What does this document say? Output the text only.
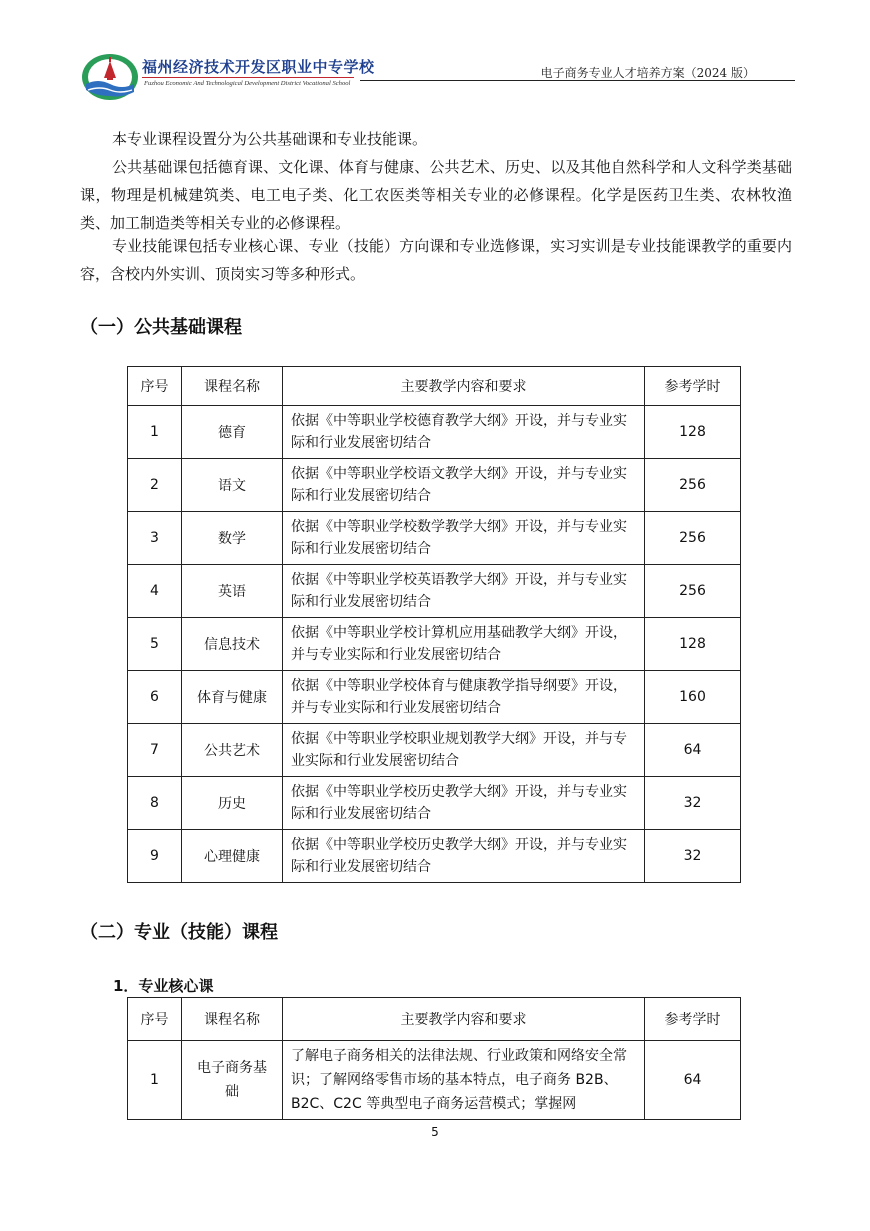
福州经济技术开发区职业中专学校
Fuzhou Economic And Technological Development District Vocational School
电子商务专业人才培养方案（2024 版）

本专业课程设置分为公共基础课和专业技能课。

公共基础课包括德育课、文化课、体育与健康、公共艺术、历史、以及其他自然科学和人文科学类基础课，物理是机械建筑类、电工电子类、化工农医类等相关专业的必修课程。化学是医药卫生类、农林牧渔类、加工制造类等相关专业的必修课程。

专业技能课包括专业核心课、专业（技能）方向课和专业选修课，实习实训是专业技能课教学的重要内容，含校内外实训、顶岗实习等多种形式。

（一）公共基础课程
序号	课程名称	主要教学内容和要求	参考学时
1	德育	依据《中等职业学校德育教学大纲》开设，并与专业实际和行业发展密切结合	128
2	语文	依据《中等职业学校语文教学大纲》开设，并与专业实际和行业发展密切结合	256
3	数学	依据《中等职业学校数学教学大纲》开设，并与专业实际和行业发展密切结合	256
4	英语	依据《中等职业学校英语教学大纲》开设，并与专业实际和行业发展密切结合	256
5	信息技术	依据《中等职业学校计算机应用基础教学大纲》开设，并与专业实际和行业发展密切结合	128
6	体育与健康	依据《中等职业学校体育与健康教学指导纲要》开设，并与专业实际和行业发展密切结合	160
7	公共艺术	依据《中等职业学校职业规划教学大纲》开设，并与专业实际和行业发展密切结合	64
8	历史	依据《中等职业学校历史教学大纲》开设，并与专业实际和行业发展密切结合	32
9	心理健康	依据《中等职业学校历史教学大纲》开设，并与专业实际和行业发展密切结合	32
（二）专业（技能）课程
1．专业核心课
序号	课程名称	主要教学内容和要求	参考学时
1	电子商务基础	了解电子商务相关的法律法规、行业政策和网络安全常识；了解网络零售市场的基本特点，电子商务 B2B、B2C、C2C 等典型电子商务运营模式；掌握网	64
5
